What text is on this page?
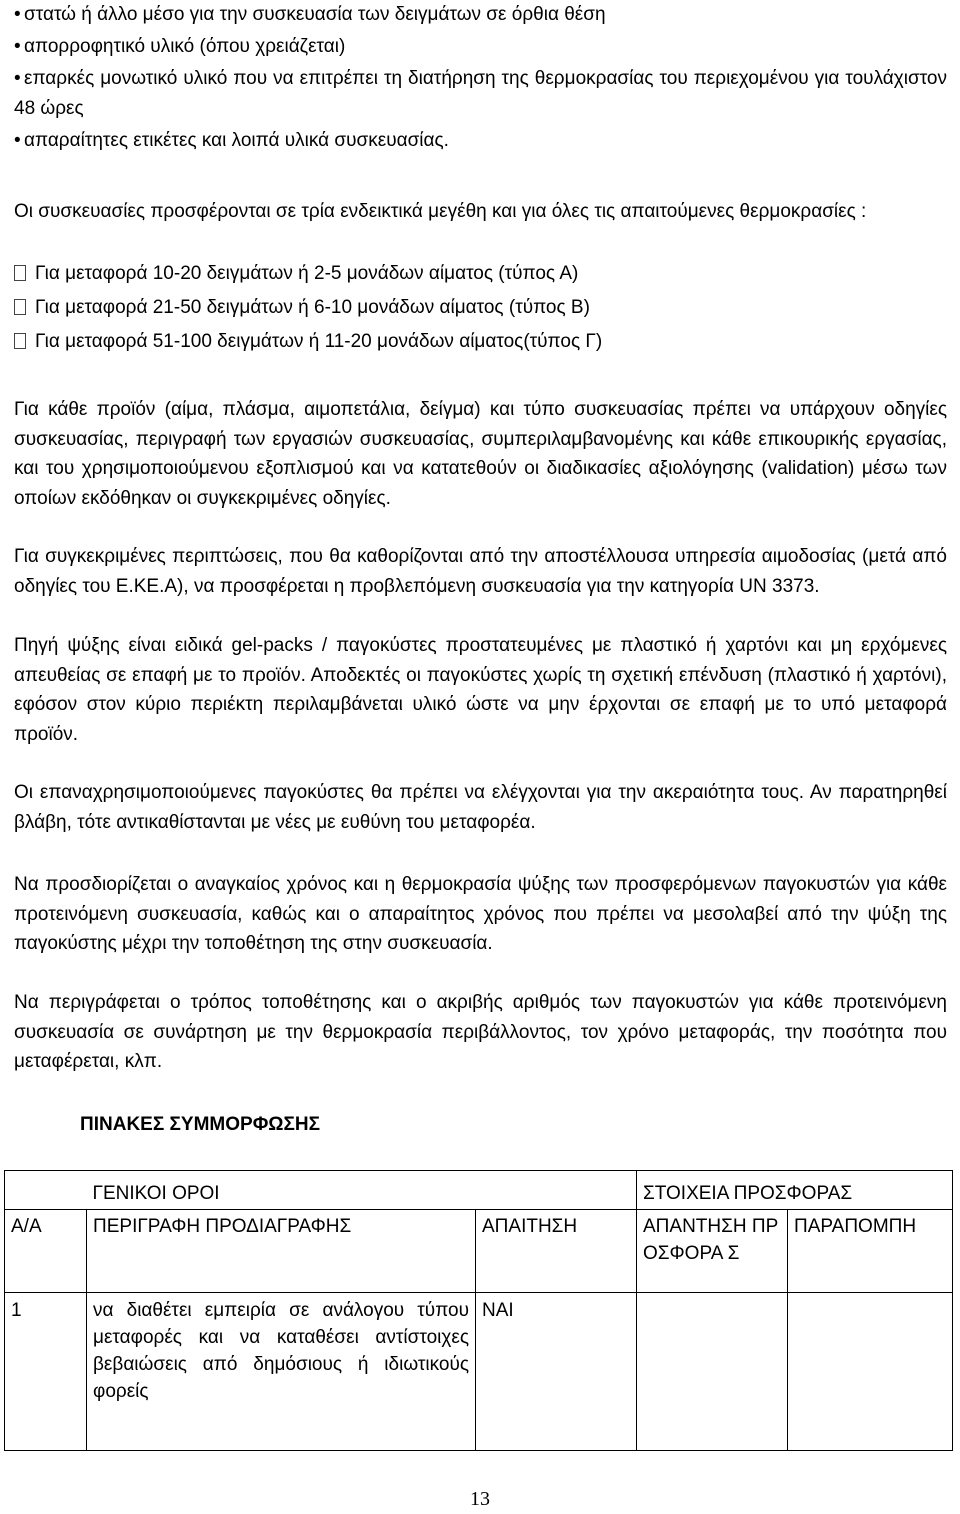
• στατώ ή άλλο μέσο για την συσκευασία των δειγμάτων σε όρθια θέση
• απορροφητικό υλικό (όπου χρειάζεται)
• επαρκές μονωτικό υλικό που να επιτρέπει τη διατήρηση της θερμοκρασίας του περιεχομένου για τουλάχιστον 48 ώρες
• απαραίτητες ετικέτες και λοιπά υλικά συσκευασίας.

Οι συσκευασίες προσφέρονται σε τρία ενδεικτικά μεγέθη και για όλες τις απαιτούμενες θερμοκρασίες :

Για μεταφορά 10-20 δειγμάτων ή 2-5 μονάδων αίματος (τύπος Α)
Για μεταφορά 21-50 δειγμάτων ή 6-10 μονάδων αίματος (τύπος Β)
Για μεταφορά 51-100 δειγμάτων ή 11-20 μονάδων αίματος(τύπος Γ)

Για κάθε προϊόν (αίμα, πλάσμα, αιμοπετάλια, δείγμα) και τύπο συσκευασίας πρέπει να υπάρχουν οδηγίες συσκευασίας, περιγραφή των εργασιών συσκευασίας, συμπεριλαμβανομένης και κάθε επικουρικής εργασίας, και του χρησιμοποιούμενου εξοπλισμού και να κατατεθούν οι διαδικασίες αξιολόγησης (validation) μέσω των οποίων εκδόθηκαν οι συγκεκριμένες οδηγίες.

Για συγκεκριμένες περιπτώσεις, που θα καθορίζονται από την αποστέλλουσα υπηρεσία αιμοδοσίας (μετά από οδηγίες του Ε.ΚΕ.Α), να προσφέρεται η προβλεπόμενη συσκευασία για την κατηγορία UN 3373.

Πηγή ψύξης είναι ειδικά gel-packs / παγοκύστες προστατευμένες με πλαστικό ή χαρτόνι και μη ερχόμενες απευθείας σε επαφή με το προϊόν. Αποδεκτές οι παγοκύστες χωρίς τη σχετική επένδυση (πλαστικό ή χαρτόνι), εφόσον στον κύριο περιέκτη περιλαμβάνεται υλικό ώστε να μην έρχονται σε επαφή με το υπό μεταφορά προϊόν.

Οι επαναχρησιμοποιούμενες παγοκύστες θα πρέπει να ελέγχονται για την ακεραιότητα τους. Αν παρατηρηθεί βλάβη, τότε αντικαθίστανται με νέες με ευθύνη του μεταφορέα.

Να προσδιορίζεται ο αναγκαίος χρόνος και η θερμοκρασία ψύξης των προσφερόμενων παγοκυστών για κάθε προτεινόμενη συσκευασία, καθώς και ο απαραίτητος χρόνος που πρέπει να μεσολαβεί από την ψύξη της παγοκύστης μέχρι την τοποθέτηση της στην συσκευασία.

Να περιγράφεται ο τρόπος τοποθέτησης και ο ακριβής αριθμός των παγοκυστών για κάθε προτεινόμενη συσκευασία σε συνάρτηση με την θερμοκρασία περιβάλλοντος, τον χρόνο μεταφοράς, την ποσότητα που μεταφέρεται, κλπ.

ΠΙΝΑΚΕΣ ΣΥΜΜΟΡΦΩΣΗΣ
	ΓΕΝΙΚΟΙ ΟΡΟΙ		ΣΤΟΙΧΕΙΑ ΠΡΟΣΦΟΡΑΣ	
Α/Α	ΠΕΡΙΓΡΑΦΗ ΠΡΟΔΙΑΓΡΑΦΗΣ	ΑΠΑΙΤΗΣΗ	ΑΠΑΝΤΗΣΗ ΠΡΟΣΦΟΡΑ Σ	ΠΑΡΑΠΟΜΠΗ
1	να διαθέτει εμπειρία σε ανάλογου τύπου μεταφορές και να καταθέσει αντίστοιχες βεβαιώσεις από δημόσιους ή ιδιωτικούς φορείς	ΝΑΙ		
13
